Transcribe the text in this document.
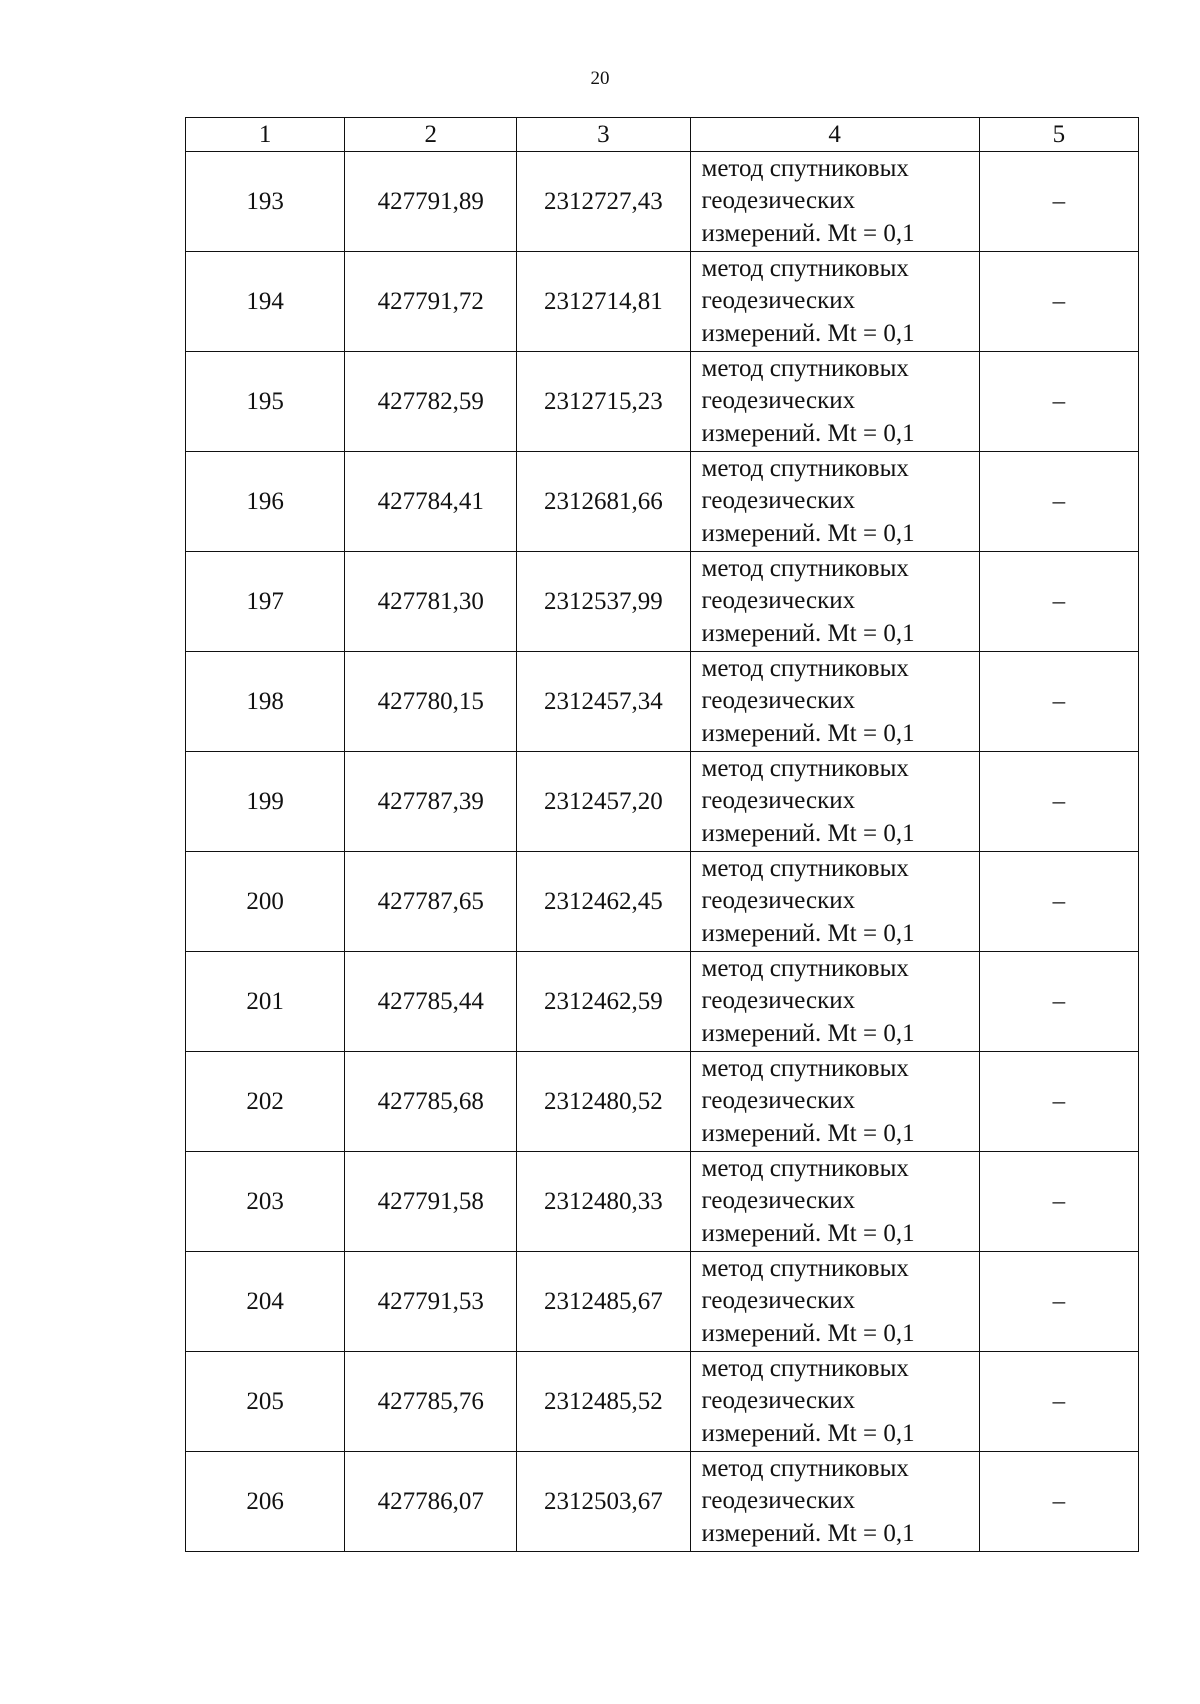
20
1	2	3	4	5
193	427791,89	2312727,43	метод спутниковых геодезических измерений. Mt = 0,1	–
194	427791,72	2312714,81	метод спутниковых геодезических измерений. Mt = 0,1	–
195	427782,59	2312715,23	метод спутниковых геодезических измерений. Mt = 0,1	–
196	427784,41	2312681,66	метод спутниковых геодезических измерений. Mt = 0,1	–
197	427781,30	2312537,99	метод спутниковых геодезических измерений. Mt = 0,1	–
198	427780,15	2312457,34	метод спутниковых геодезических измерений. Mt = 0,1	–
199	427787,39	2312457,20	метод спутниковых геодезических измерений. Mt = 0,1	–
200	427787,65	2312462,45	метод спутниковых геодезических измерений. Mt = 0,1	–
201	427785,44	2312462,59	метод спутниковых геодезических измерений. Mt = 0,1	–
202	427785,68	2312480,52	метод спутниковых геодезических измерений. Mt = 0,1	–
203	427791,58	2312480,33	метод спутниковых геодезических измерений. Mt = 0,1	–
204	427791,53	2312485,67	метод спутниковых геодезических измерений. Mt = 0,1	–
205	427785,76	2312485,52	метод спутниковых геодезических измерений. Mt = 0,1	–
206	427786,07	2312503,67	метод спутниковых геодезических измерений. Mt = 0,1	–
